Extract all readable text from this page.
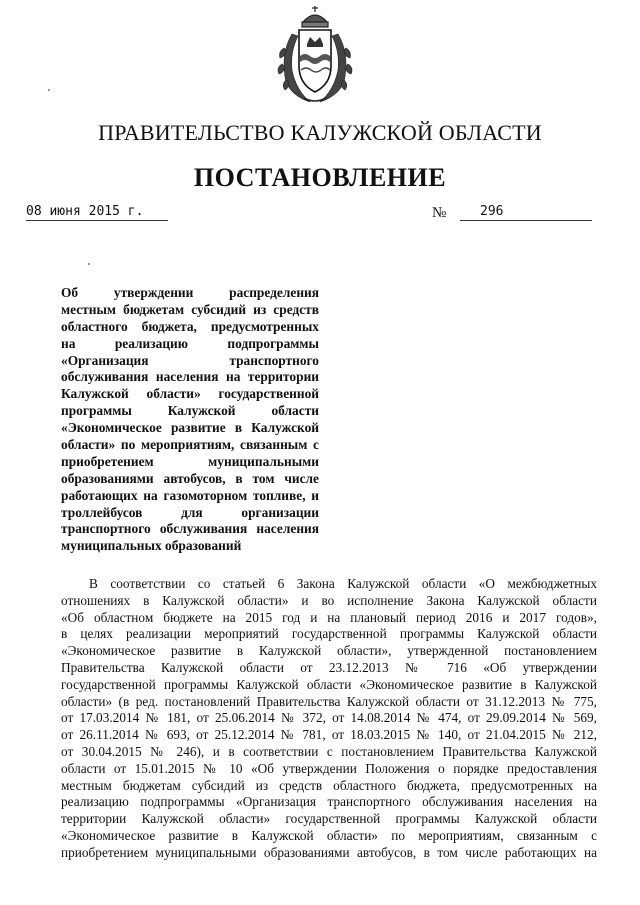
ПРАВИТЕЛЬСТВО КАЛУЖСКОЙ ОБЛАСТИ
ПОСТАНОВЛЕНИЕ
08 июня 2015 г.	№	296
Об утверждении распределения
местным бюджетам субсидий из средств
областного бюджета, предусмотренных
на реализацию подпрограммы
«Организация транспортного
обслуживания населения на территории
Калужской области» государственной
программы Калужской области
«Экономическое развитие в Калужской
области» по мероприятиям, связанным с
приобретением муниципальными
образованиями автобусов, в том числе
работающих на газомоторном топливе, и
троллейбусов для организации
транспортного обслуживания населения
муниципальных образований
В соответствии со статьей 6 Закона Калужской области «О межбюджетных
отношениях в Калужской области» и во исполнение Закона Калужской области
«Об областном бюджете на 2015 год и на плановый период 2016 и 2017 годов»,
в целях реализации мероприятий государственной программы Калужской области
«Экономическое развитие в Калужской области», утвержденной постановлением
Правительства Калужской области от 23.12.2013 № 716 «Об утверждении
государственной программы Калужской области «Экономическое развитие в Калужской
области» (в ред. постановлений Правительства Калужской области от 31.12.2013 № 775,
от 17.03.2014 № 181, от 25.06.2014 № 372, от 14.08.2014 № 474, от 29.09.2014 № 569,
от 26.11.2014 № 693, от 25.12.2014 № 781, от 18.03.2015 № 140, от 21.04.2015 № 212,
от 30.04.2015 № 246), и в соответствии с постановлением Правительства Калужской
области от 15.01.2015 № 10 «Об утверждении Положения о порядке предоставления
местным бюджетам субсидий из средств областного бюджета, предусмотренных на
реализацию подпрограммы «Организация транспортного обслуживания населения на
территории Калужской области» государственной программы Калужской области
«Экономическое развитие в Калужской области» по мероприятиям, связанным с
приобретением муниципальными образованиями автобусов, в том числе работающих на
